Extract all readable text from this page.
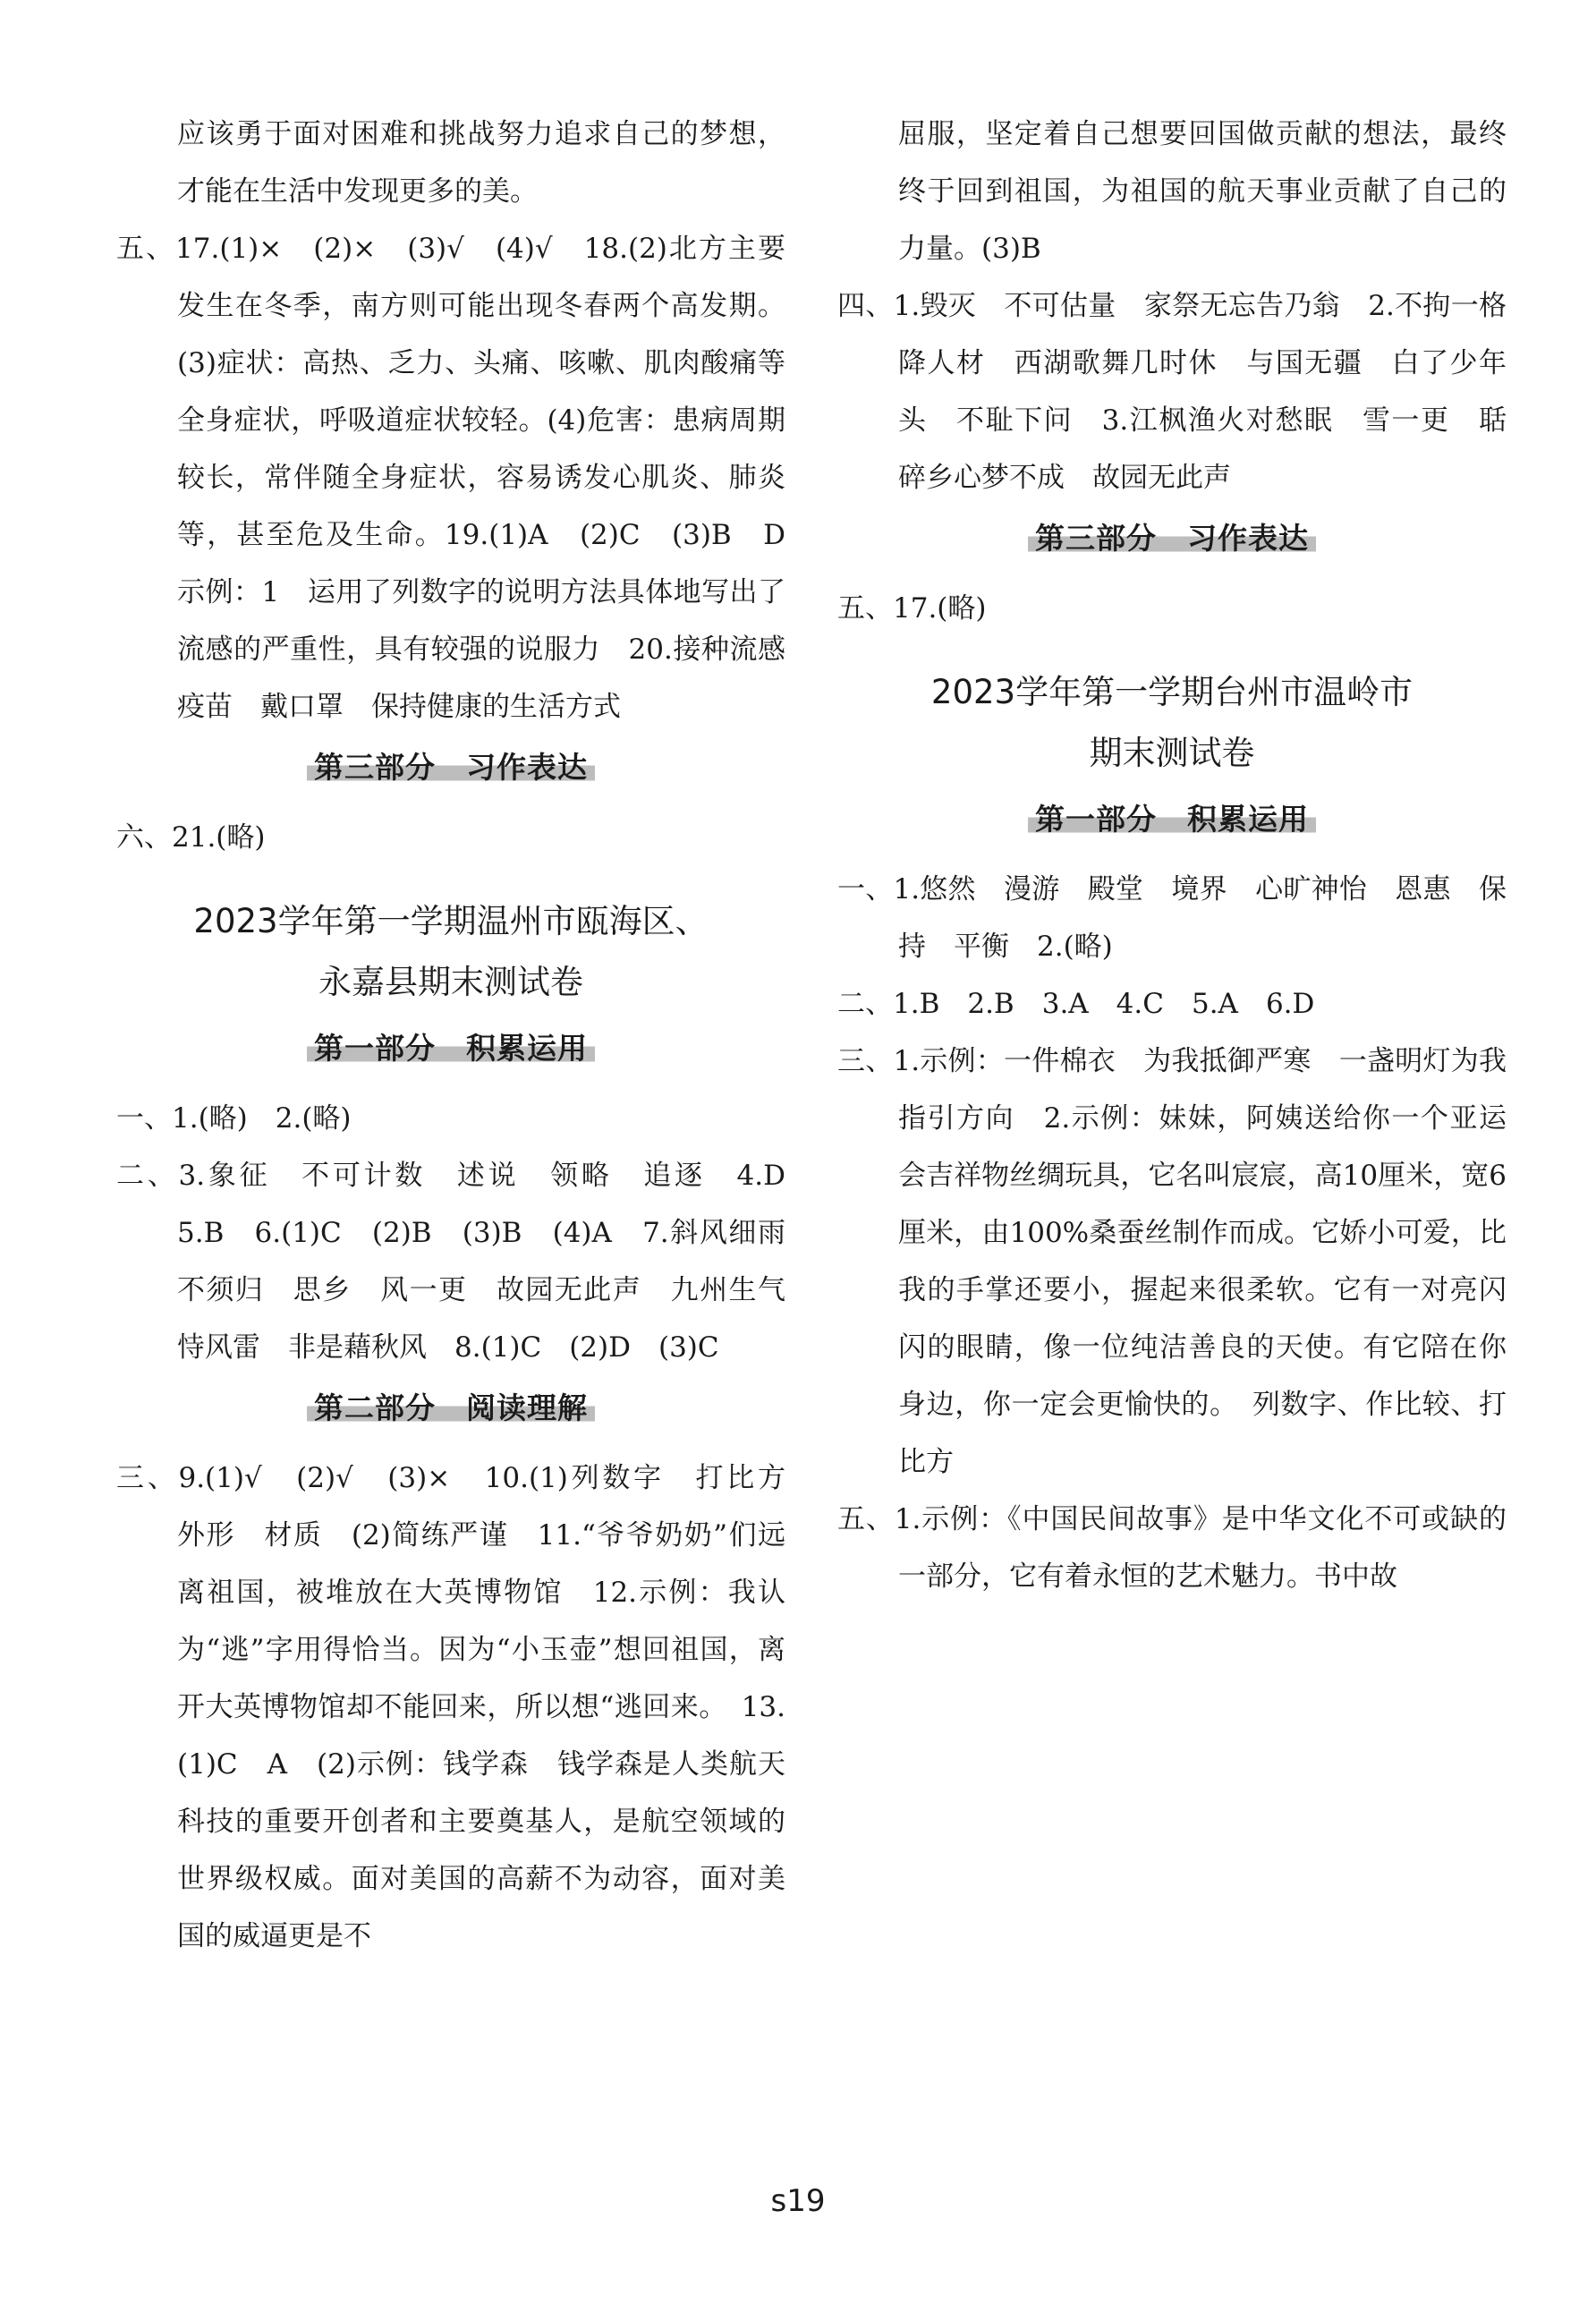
应该勇于面对困难和挑战努力追求自己的梦想，才能在生活中发现更多的美。
五、17.(1)×　(2)×　(3)√　(4)√　18.(2)北方主要发生在冬季，南方则可能出现冬春两个高发期。(3)症状：高热、乏力、头痛、咳嗽、肌肉酸痛等全身症状，呼吸道症状较轻。(4)危害：患病周期较长，常伴随全身症状，容易诱发心肌炎、肺炎等，甚至危及生命。19.(1)A　(2)C　(3)B　D　示例：1　运用了列数字的说明方法具体地写出了流感的严重性，具有较强的说服力　20.接种流感疫苗　戴口罩　保持健康的生活方式
第三部分　习作表达
六、21.(略)
2023学年第一学期温州市瓯海区、
永嘉县期末测试卷
第一部分　积累运用
一、1.(略)　2.(略)
二、3.象征　不可计数　述说　领略　追逐　4.D　5.B　6.(1)C　(2)B　(3)B　(4)A　7.斜风细雨不须归　思乡　风一更　故园无此声　九州生气恃风雷　非是藉秋风　8.(1)C　(2)D　(3)C
第二部分　阅读理解
三、9.(1)√　(2)√　(3)×　10.(1)列数字　打比方　外形　材质　(2)简练严谨　11.“爷爷奶奶”们远离祖国，被堆放在大英博物馆　12.示例：我认为“逃”字用得恰当。因为“小玉壶”想回祖国，离开大英博物馆却不能回来，所以想“逃回来。　13.(1)C　A　(2)示例：钱学森　钱学森是人类航天科技的重要开创者和主要奠基人，是航空领域的世界级权威。面对美国的高薪不为动容，面对美国的威逼更是不
屈服，坚定着自己想要回国做贡献的想法，最终终于回到祖国，为祖国的航天事业贡献了自己的力量。(3)B
四、1.毁灭　不可估量　家祭无忘告乃翁　2.不拘一格降人材　西湖歌舞几时休　与国无疆　白了少年头　不耻下问　3.江枫渔火对愁眠　雪一更　聒碎乡心梦不成　故园无此声
第三部分　习作表达
五、17.(略)
2023学年第一学期台州市温岭市
期末测试卷
第一部分　积累运用
一、1.悠然　漫游　殿堂　境界　心旷神怡　恩惠　保持　平衡　2.(略)
二、1.B　2.B　3.A　4.C　5.A　6.D
三、1.示例：一件棉衣　为我抵御严寒　一盏明灯为我指引方向　2.示例：妹妹，阿姨送给你一个亚运会吉祥物丝绸玩具，它名叫宸宸，高10厘米，宽6厘米，由100%桑蚕丝制作而成。它娇小可爱，比我的手掌还要小，握起来很柔软。它有一对亮闪闪的眼睛，像一位纯洁善良的天使。有它陪在你身边，你一定会更愉快的。　列数字、作比较、打比方
五、1.示例：《中国民间故事》是中华文化不可或缺的一部分，它有着永恒的艺术魅力。书中故
s19
